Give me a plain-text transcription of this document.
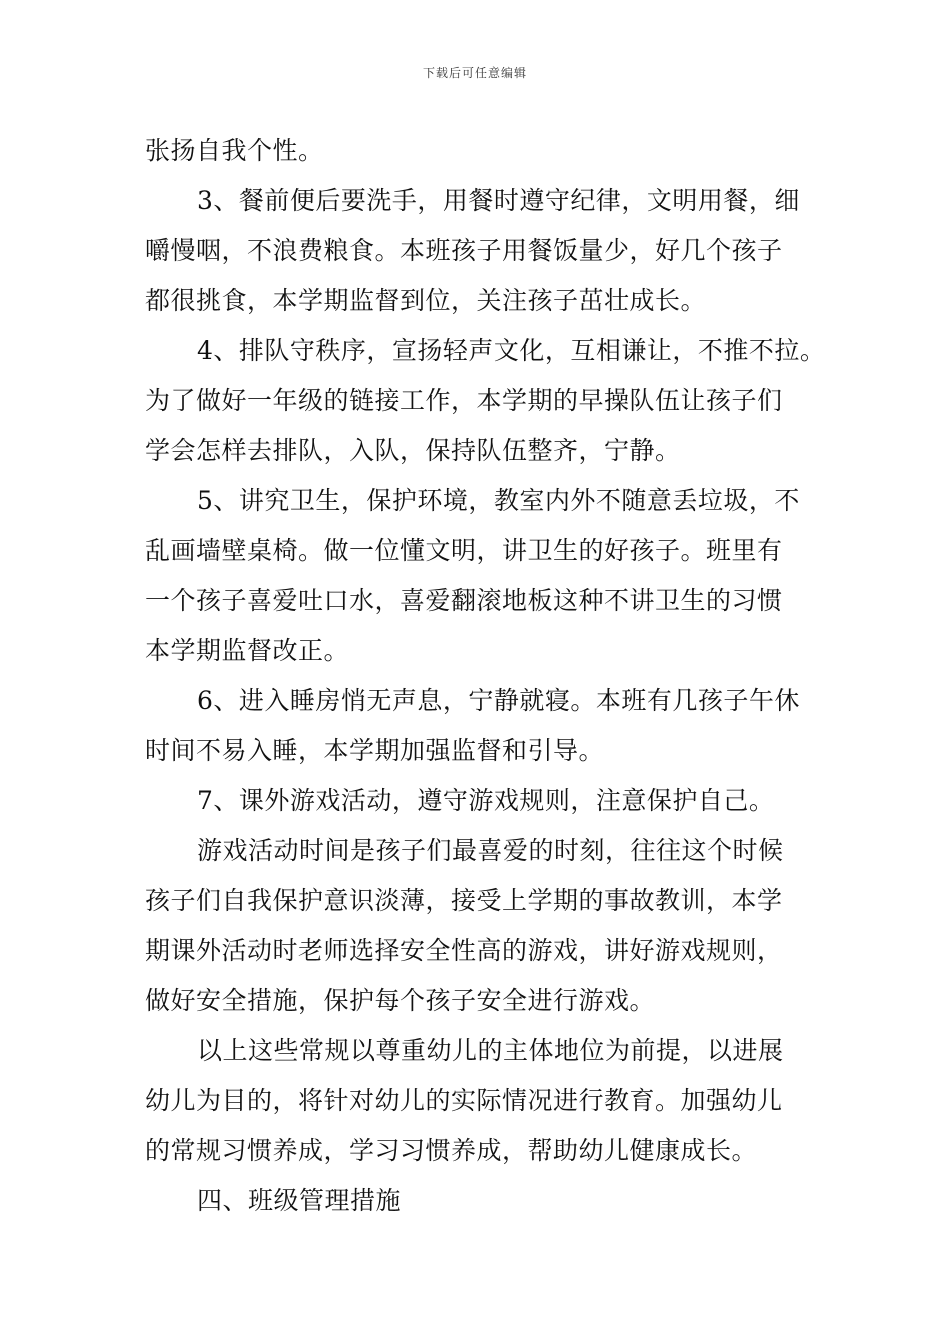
下载后可任意编辑
张扬自我个性。
3、餐前便后要洗手，用餐时遵守纪律，文明用餐，细
嚼慢咽，不浪费粮食。本班孩子用餐饭量少，好几个孩子
都很挑食，本学期监督到位，关注孩子茁壮成长。
4、排队守秩序，宣扬轻声文化，互相谦让，不推不拉。
为了做好一年级的链接工作，本学期的早操队伍让孩子们
学会怎样去排队，入队，保持队伍整齐，宁静。
5、讲究卫生，保护环境，教室内外不随意丢垃圾，不
乱画墙壁桌椅。做一位懂文明，讲卫生的好孩子。班里有
一个孩子喜爱吐口水，喜爱翻滚地板这种不讲卫生的习惯
本学期监督改正。
6、进入睡房悄无声息，宁静就寝。本班有几孩子午休
时间不易入睡，本学期加强监督和引导。
7、课外游戏活动，遵守游戏规则，注意保护自己。
游戏活动时间是孩子们最喜爱的时刻，往往这个时候
孩子们自我保护意识淡薄，接受上学期的事故教训，本学
期课外活动时老师选择安全性高的游戏，讲好游戏规则，
做好安全措施，保护每个孩子安全进行游戏。
以上这些常规以尊重幼儿的主体地位为前提，以进展
幼儿为目的，将针对幼儿的实际情况进行教育。加强幼儿
的常规习惯养成，学习习惯养成，帮助幼儿健康成长。
四、班级管理措施
